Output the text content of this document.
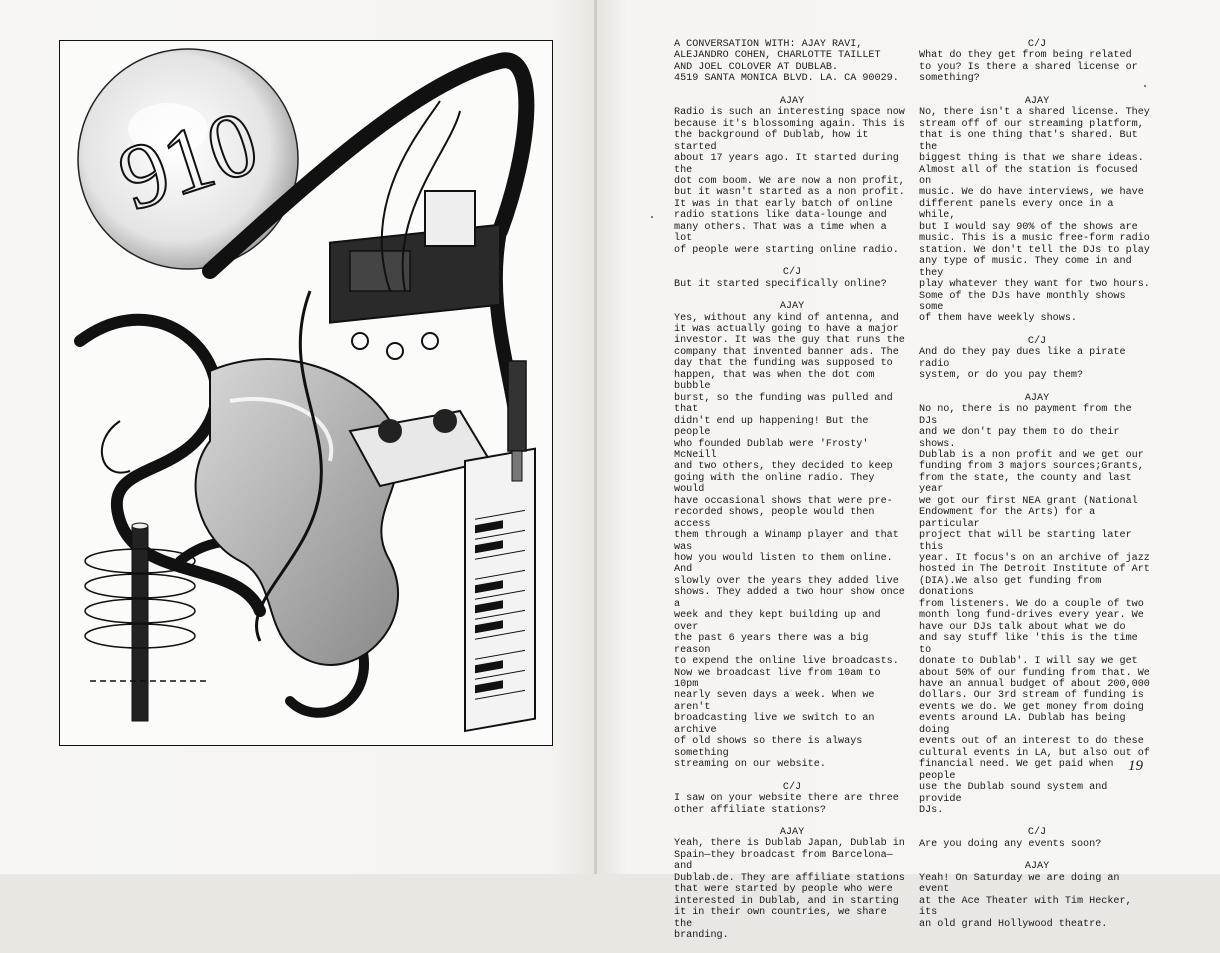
910
A CONVERSATION WITH: AJAY RAVI,
ALEJANDRO COHEN, CHARLOTTE TAILLET
AND JOEL COLOVER AT DUBLAB.
4519 SANTA MONICA BLVD. LA. CA 90029.
AJAY
Radio is such an interesting space now
because it's blossoming again. This is
the background of Dublab, how it started
about 17 years ago. It started during the
dot com boom. We are now a non profit,
but it wasn't started as a non profit.
It was in that early batch of online
radio stations like data-lounge and
many others. That was a time when a lot
of people were starting online radio.
C/J
But it started specifically online?
AJAY
Yes, without any kind of antenna, and
it was actually going to have a major
investor. It was the guy that runs the
company that invented banner ads. The
day that the funding was supposed to
happen, that was when the dot com bubble
burst, so the funding was pulled and that
didn't end up happening! But the people
who founded Dublab were 'Frosty' McNeill
and two others, they decided to keep
going with the online radio. They would
have occasional shows that were pre-
recorded shows, people would then access
them through a Winamp player and that was
how you would listen to them online. And
slowly over the years they added live
shows. They added a two hour show once a
week and they kept building up and over
the past 6 years there was a big reason
to expend the online live broadcasts.
Now we broadcast live from 10am to 10pm
nearly seven days a week. When we aren't
broadcasting live we switch to an archive
of old shows so there is always something
streaming on our website.
C/J
I saw on your website there are three
other affiliate stations?
AJAY
Yeah, there is Dublab Japan, Dublab in
Spain—they broadcast from Barcelona—and
Dublab.de. They are affiliate stations
that were started by people who were
interested in Dublab, and in starting
it in their own countries, we share the
branding.
C/J
What do they get from being related
to you? Is there a shared license or
something?
AJAY
No, there isn't a shared license. They
stream off of our streaming platform,
that is one thing that's shared. But the
biggest thing is that we share ideas.
Almost all of the station is focused on
music. We do have interviews, we have
different panels every once in a while,
but I would say 90% of the shows are
music. This is a music free-form radio
station. We don't tell the DJs to play
any type of music. They come in and they
play whatever they want for two hours.
Some of the DJs have monthly shows some
of them have weekly shows.
C/J
And do they pay dues like a pirate radio
system, or do you pay them?
AJAY
No no, there is no payment from the DJs
and we don't pay them to do their shows.
Dublab is a non profit and we get our
funding from 3 majors sources;Grants,
from the state, the county and last year
we got our first NEA grant (National
Endowment for the Arts) for a particular
project that will be starting later this
year. It focus's on an archive of jazz
hosted in The Detroit Institute of Art
(DIA).We also get funding from donations
from listeners. We do a couple of two
month long fund-drives every year. We
have our DJs talk about what we do
and say stuff like 'this is the time to
donate to Dublab'. I will say we get
about 50% of our funding from that. We
have an annual budget of about 200,000
dollars. Our 3rd stream of funding is
events we do. We get money from doing
events around LA. Dublab has being doing
events out of an interest to do these
cultural events in LA, but also out of
financial need. We get paid when people
use the Dublab sound system and provide
DJs.
C/J
Are you doing any events soon?
AJAY
Yeah! On Saturday we are doing an event
at the Ace Theater with Tim Hecker, its
an old grand Hollywood theatre.
19
